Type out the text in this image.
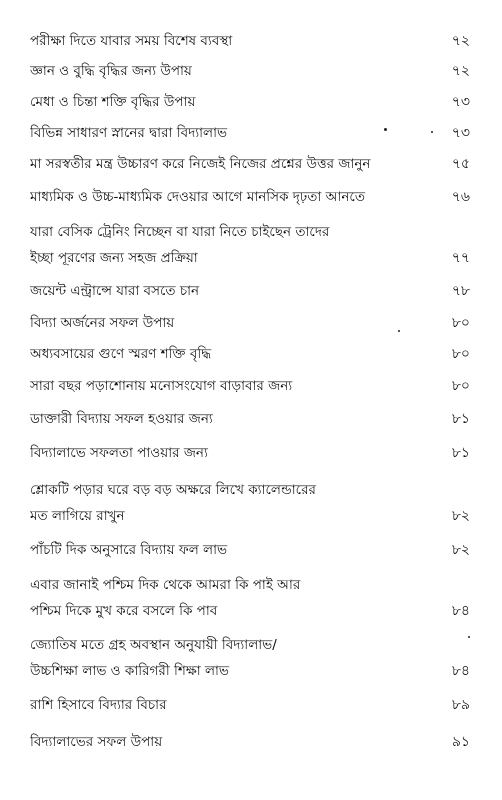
পরীক্ষা দিতে যাবার সময় বিশেষ ব্যবস্থা	৭২
জ্ঞান ও বুদ্ধি বৃদ্ধির জন্য উপায়	৭২
মেধা ও চিন্তা শক্তি বৃদ্ধির উপায়	৭৩
বিভিন্ন সাধারণ স্নানের দ্বারা বিদ্যালাভ	৭৩
মা সরস্বতীর মন্ত্র উচ্চারণ করে নিজেই নিজের প্রশ্নের উত্তর জানুন	৭৫
মাধ্যমিক ও উচ্চ-মাধ্যমিক দেওয়ার আগে মানসিক দৃঢ়তা আনতে	৭৬
যারা বেসিক ট্রেনিং নিচ্ছেন বা যারা নিতে চাইছেন তাদের
ইচ্ছা পূরণের জন্য সহজ প্রক্রিয়া	৭৭
জয়েন্ট এন্ট্রান্সে যারা বসতে চান	৭৮
বিদ্যা অর্জনের সফল উপায়	৮০
অধ্যবসায়ের গুণে স্মরণ শক্তি বৃদ্ধি	৮০
সারা বছর পড়াশোনায় মনোসংযোগ বাড়াবার জন্য	৮০
ডাক্তারী বিদ্যায় সফল হওয়ার জন্য	৮১
বিদ্যালাভে সফলতা পাওয়ার জন্য	৮১
শ্লোকটি পড়ার ঘরে বড় বড় অক্ষরে লিখে ক্যালেন্ডারের
মত লাগিয়ে রাখুন	৮২
পাঁচটি দিক অনুসারে বিদ্যায় ফল লাভ	৮২
এবার জানাই পশ্চিম দিক থেকে আমরা কি পাই আর
পশ্চিম দিকে মুখ করে বসলে কি পাব	৮৪
জ্যোতিষ মতে গ্রহ অবস্থান অনুযায়ী বিদ্যালাভ/
উচ্চশিক্ষা লাভ ও কারিগরী শিক্ষা লাভ	৮৪
রাশি হিসাবে বিদ্যার বিচার	৮৯
বিদ্যালাভের সফল উপায়	৯১
